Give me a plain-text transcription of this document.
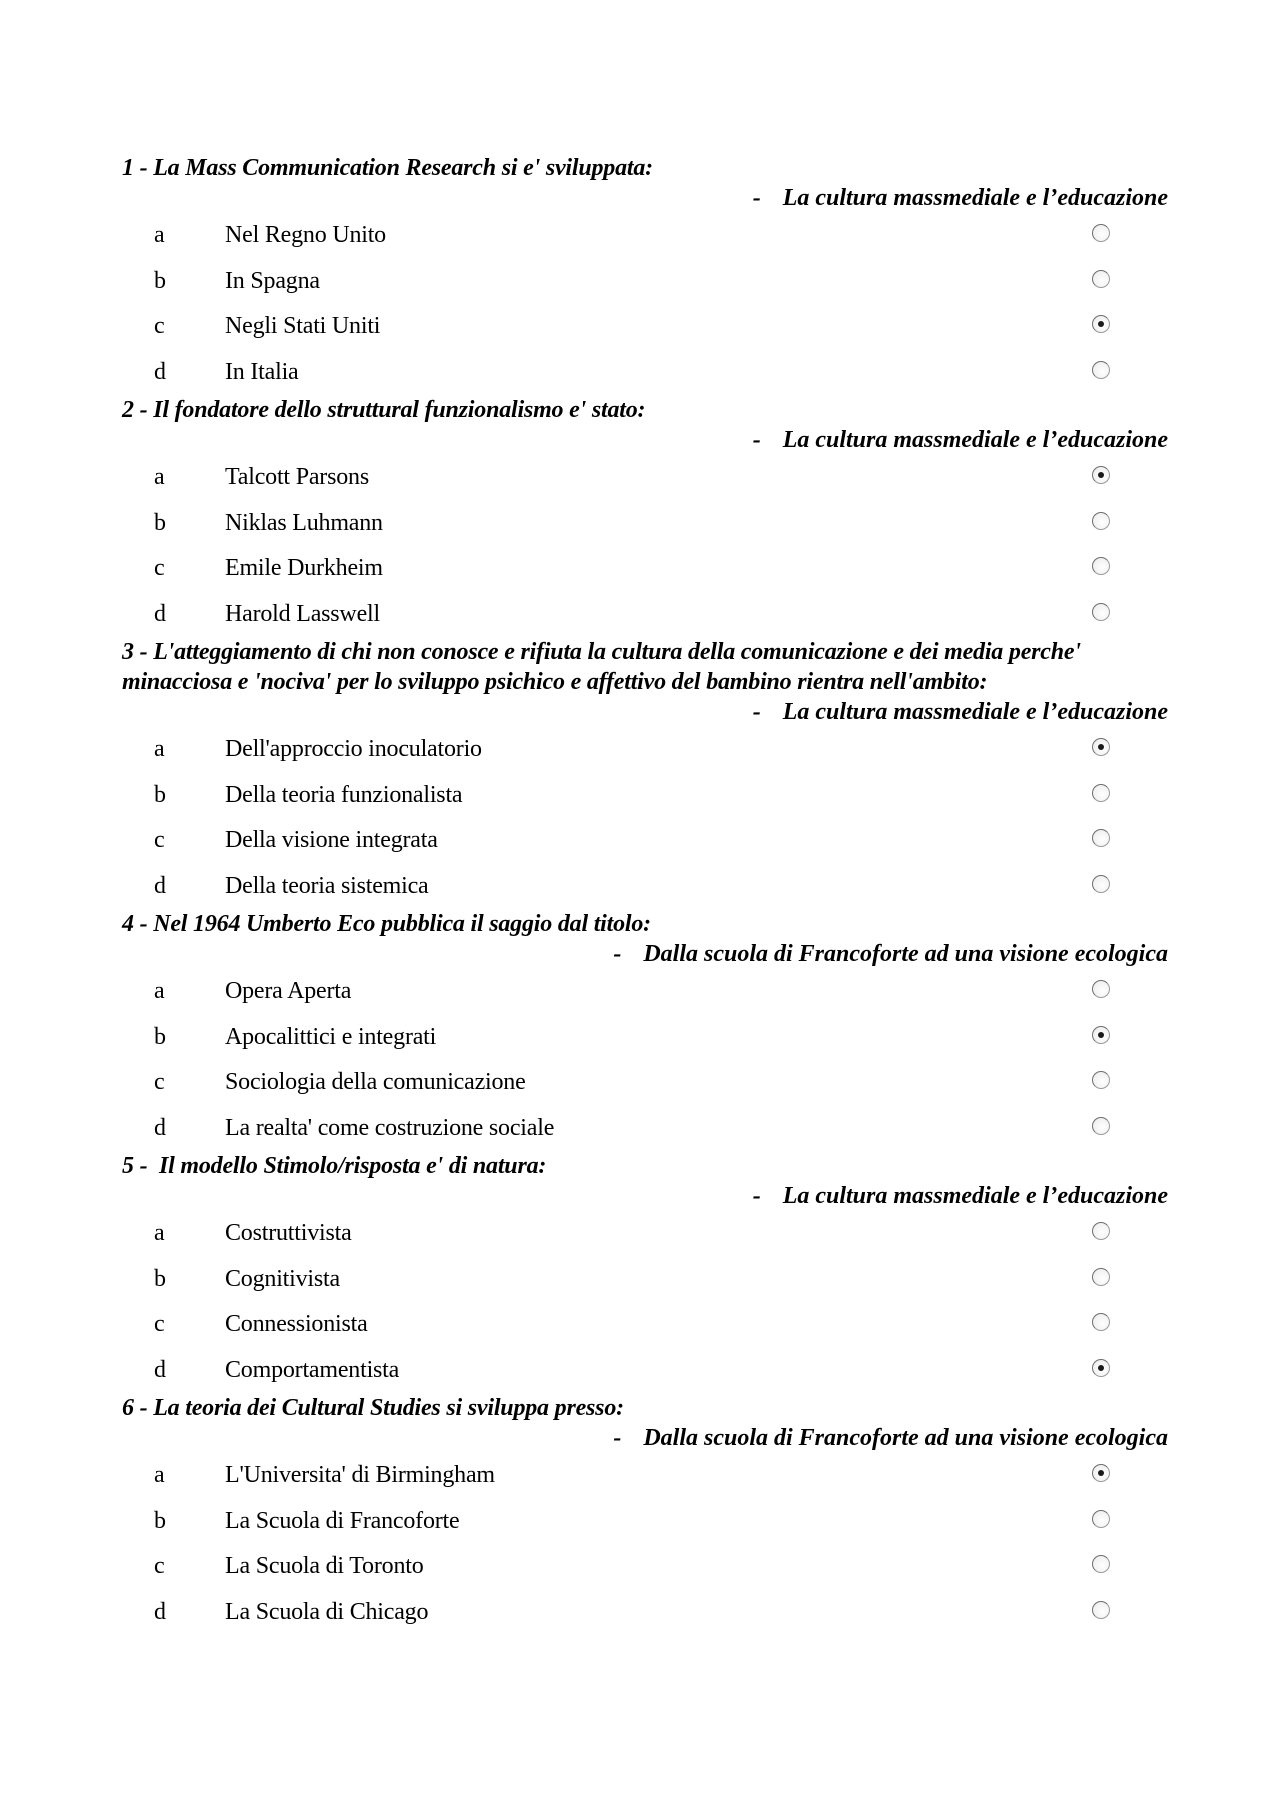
1 - La Mass Communication Research si e' sviluppata:
- La cultura massmediale e l’educazione
a	Nel Regno Unito
b In Spagna
c	Negli Stati Uniti
d In Italia
2 - Il fondatore dello struttural funzionalismo e' stato:
- La cultura massmediale e l’educazione
a	Talcott Parsons
b Niklas Luhmann
c	Emile Durkheim
d Harold Lasswell
3 - L'atteggiamento di chi non conosce e rifiuta la cultura della comunicazione e dei media perche' minacciosa e 'nociva' per lo sviluppo psichico e affettivo del bambino rientra nell'ambito:
- La cultura massmediale e l’educazione
a	Dell'approccio inoculatorio
b Della teoria funzionalista
c	Della visione integrata
d Della teoria sistemica
4 - Nel 1964 Umberto Eco pubblica il saggio dal titolo:
- Dalla scuola di Francoforte ad una visione ecologica
a	Opera Aperta
b Apocalittici e integrati
c	Sociologia della comunicazione
d La realta' come costruzione sociale
5 -  Il modello Stimolo/risposta e' di natura:
- La cultura massmediale e l’educazione
a	Costruttivista
b Cognitivista
c	Connessionista
d Comportamentista
6 - La teoria dei Cultural Studies si sviluppa presso:
- Dalla scuola di Francoforte ad una visione ecologica
a	L'Universita' di Birmingham
b La Scuola di Francoforte
c	La Scuola di Toronto
d La Scuola di Chicago
